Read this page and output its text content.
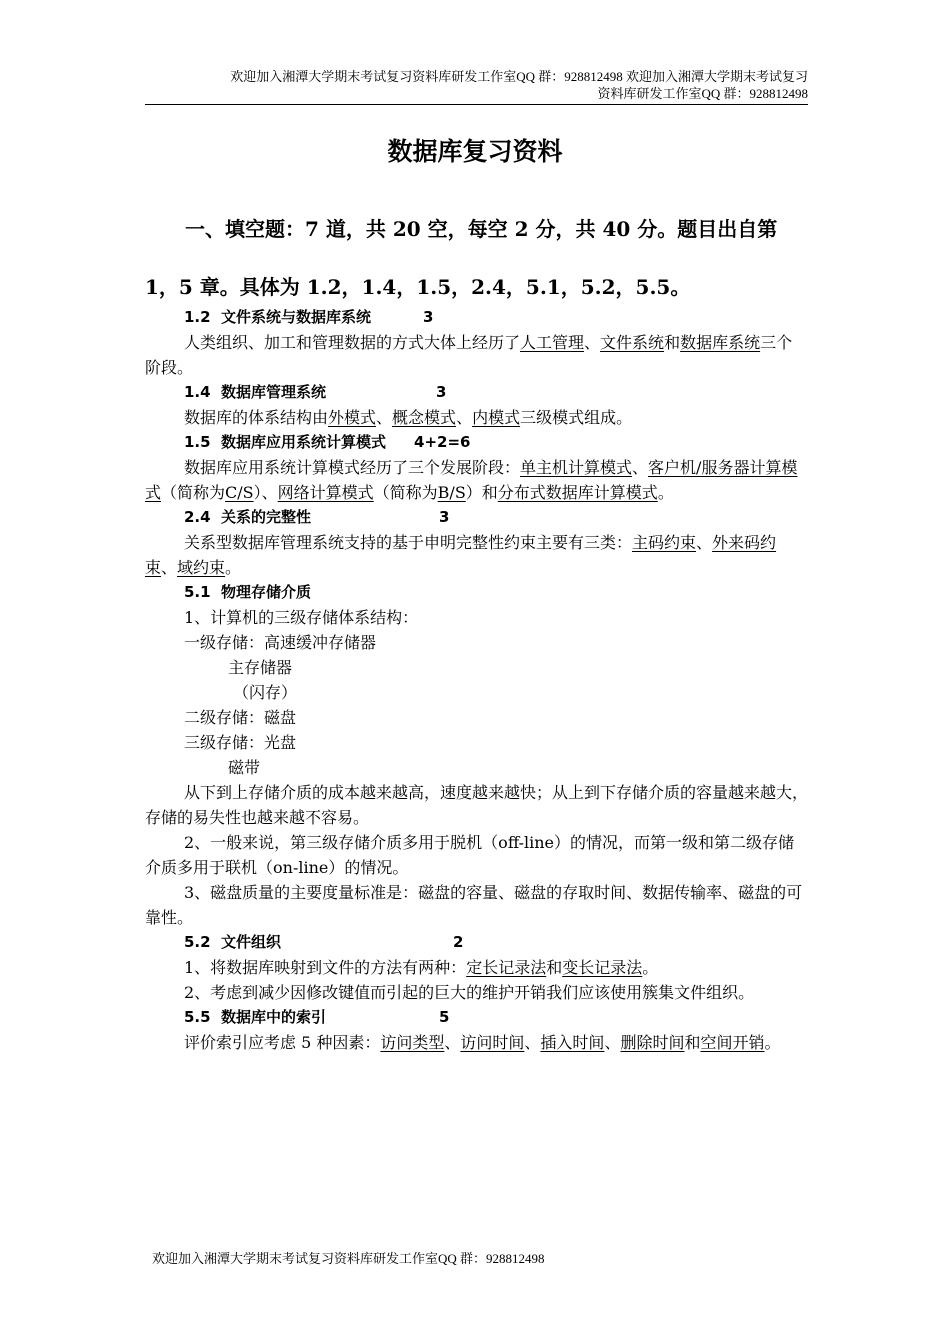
欢迎加入湘潭大学期末考试复习资料库研发工作室QQ 群：928812498 欢迎加入湘潭大学期末考试复习
资料库研发工作室QQ 群：928812498
数据库复习资料
一、填空题：7 道，共 20 空，每空 2 分，共 40 分。题目出自第 1，5 章。具体为 1.2，1.4，1.5，2.4，5.1，5.2，5.5。

1.2  文件系统与数据库系统	3

人类组织、加工和管理数据的方式大体上经历了人工管理、文件系统和数据库系统三个阶段。

1.4  数据库管理系统	3

数据库的体系结构由外模式、概念模式、内模式三级模式组成。

1.5  数据库应用系统计算模式 4+2=6

数据库应用系统计算模式经历了三个发展阶段：单主机计算模式、客户机/服务器计算模式（简称为C/S）、网络计算模式（简称为B/S）和分布式数据库计算模式。

2.4  关系的完整性	3

关系型数据库管理系统支持的基于申明完整性约束主要有三类：主码约束、外来码约束、域约束。

5.1  物理存储介质

1、计算机的三级存储体系结构：

一级存储：高速缓冲存储器

主存储器

（闪存）

二级存储：磁盘

三级存储：光盘

磁带

从下到上存储介质的成本越来越高，速度越来越快；从上到下存储介质的容量越来越大，存储的易失性也越来越不容易。

2、一般来说，第三级存储介质多用于脱机（off-line）的情况，而第一级和第二级存储介质多用于联机（on-line）的情况。

3、磁盘质量的主要度量标准是：磁盘的容量、磁盘的存取时间、数据传输率、磁盘的可靠性。

5.2  文件组织	2

1、将数据库映射到文件的方法有两种：定长记录法和变长记录法。

2、考虑到减少因修改键值而引起的巨大的维护开销我们应该使用簇集文件组织。

5.5  数据库中的索引	5

评价索引应考虑 5 种因素：访问类型、访问时间、插入时间、删除时间和空间开销。

欢迎加入湘潭大学期末考试复习资料库研发工作室QQ 群：928812498
